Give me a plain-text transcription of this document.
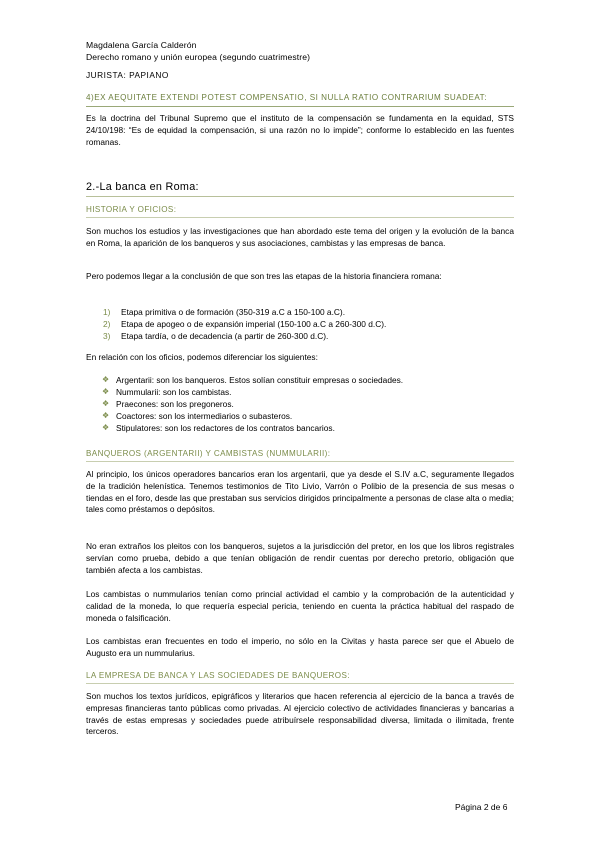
Magdalena García Calderón
Derecho romano y unión europea (segundo cuatrimestre)
JURISTA: PAPIANO
4)EX AEQUITATE EXTENDI POTEST COMPENSATIO, SI NULLA RATIO CONTRARIUM SUADEAT:
Es la doctrina del Tribunal Supremo que el instituto de la compensación se fundamenta en la equidad, STS 24/10/198: “Es de equidad la compensación, si una razón no lo impide”; conforme lo establecido en las fuentes romanas.
2.-La banca en Roma:
HISTORIA Y OFICIOS:
Son muchos los estudios y las investigaciones que han abordado este tema del origen y la evolución de la banca en Roma, la aparición de los banqueros y sus asociaciones, cambistas y las empresas de banca.
Pero podemos llegar a la conclusión de que son tres las etapas de la historia financiera romana:
1) Etapa primitiva o de formación (350-319 a.C a 150-100 a.C).
2) Etapa de apogeo o de expansión imperial (150-100 a.C a 260-300 d.C).
3) Etapa tardía, o de decadencia (a partir de 260-300 d.C).
En relación con los oficios, podemos diferenciar los siguientes:
❖ Argentarii: son los banqueros. Estos solían constituir empresas o sociedades.
❖ Nummularii: son los cambistas.
❖ Praecones: son los pregoneros.
❖ Coactores: son los intermediarios o subasteros.
❖ Stipulatores: son los redactores de los contratos bancarios.
BANQUEROS (ARGENTARII) Y CAMBISTAS (NUMMULARII):
Al principio, los únicos operadores bancarios eran los argentarii, que ya desde el S.IV a.C, seguramente llegados de la tradición helenística. Tenemos testimonios de Tito Livio, Varrón o Polibio de la presencia de sus mesas o tiendas en el foro, desde las que prestaban sus servicios dirigidos principalmente a personas de clase alta o media; tales como préstamos o depósitos.
No eran extraños los pleitos con los banqueros, sujetos a la jurisdicción del pretor, en los que los libros registrales servían como prueba, debido a que tenían obligación de rendir cuentas por derecho pretorio, obligación que también afecta a los cambistas.
Los cambistas o nummularios tenían como princial actividad el cambio y la comprobación de la autenticidad y calidad de la moneda, lo que requería especial pericia, teniendo en cuenta la práctica habitual del raspado de moneda o falsificación.
Los cambistas eran frecuentes en todo el imperio, no sólo en la Civitas y hasta parece ser que el Abuelo de Augusto era un nummularius.
LA EMPRESA DE BANCA Y LAS SOCIEDADES DE BANQUEROS:
Son muchos los textos jurídicos, epigráficos y literarios que hacen referencia al ejercicio de la banca a través de empresas financieras tanto públicas como privadas. Al ejercicio colectivo de actividades financieras y bancarias a través de estas empresas y sociedades puede atribuírsele responsabilidad diversa, limitada o ilimitada, frente terceros.
Página 2 de 6
